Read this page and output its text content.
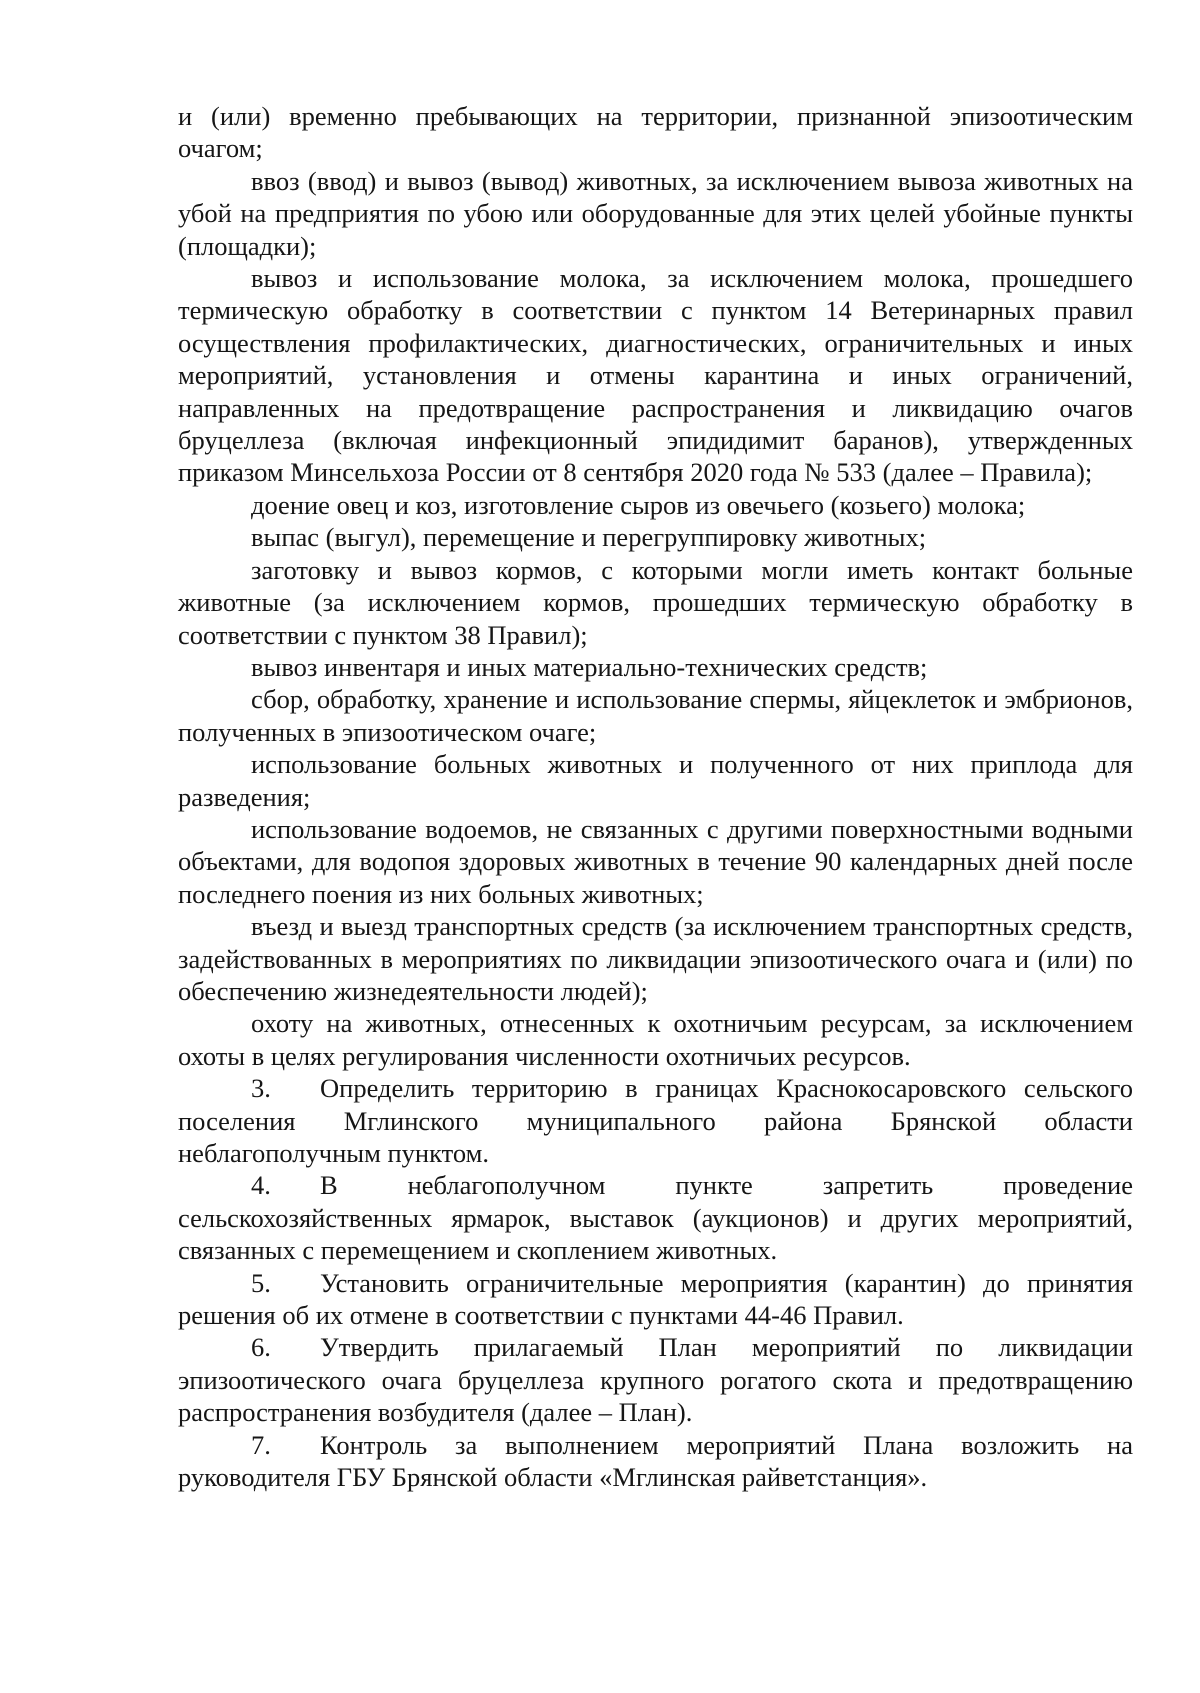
и (или) временно пребывающих на территории, признанной эпизоотическим очагом;

ввоз (ввод) и вывоз (вывод) животных, за исключением вывоза животных на убой на предприятия по убою или оборудованные для этих целей убойные пункты (площадки);

вывоз и использование молока, за исключением молока, прошедшего термическую обработку в соответствии с пунктом 14 Ветеринарных правил осуществления профилактических, диагностических, ограничительных и иных мероприятий, установления и отмены карантина и иных ограничений, направленных на предотвращение распространения и ликвидацию очагов бруцеллеза (включая инфекционный эпидидимит баранов), утвержденных приказом Минсельхоза России от 8 сентября 2020 года № 533 (далее – Правила);

доение овец и коз, изготовление сыров из овечьего (козьего) молока;

выпас (выгул), перемещение и перегруппировку животных;

заготовку и вывоз кормов, с которыми могли иметь контакт больные животные (за исключением кормов, прошедших термическую обработку в соответствии с пунктом 38 Правил);

вывоз инвентаря и иных материально-технических средств;

сбор, обработку, хранение и использование спермы, яйцеклеток и эмбрионов, полученных в эпизоотическом очаге;

использование больных животных и полученного от них приплода для разведения;

использование водоемов, не связанных с другими поверхностными водными объектами, для водопоя здоровых животных в течение 90 календарных дней после последнего поения из них больных животных;

въезд и выезд транспортных средств (за исключением транспортных средств, задействованных в мероприятиях по ликвидации эпизоотического очага и (или) по обеспечению жизнедеятельности людей);

охоту на животных, отнесенных к охотничьим ресурсам, за исключением охоты в целях регулирования численности охотничьих ресурсов.

3. Определить территорию в границах Краснокосаровского сельского поселения Мглинского муниципального района Брянской области неблагополучным пунктом.

4. В неблагополучном пункте запретить проведение сельскохозяйственных ярмарок, выставок (аукционов) и других мероприятий, связанных с перемещением и скоплением животных.

5. Установить ограничительные мероприятия (карантин) до принятия решения об их отмене в соответствии с пунктами 44-46 Правил.

6. Утвердить прилагаемый План мероприятий по ликвидации эпизоотического очага бруцеллеза крупного рогатого скота и предотвращению распространения возбудителя (далее – План).

7. Контроль за выполнением мероприятий Плана возложить на руководителя ГБУ Брянской области «Мглинская райветстанция».
